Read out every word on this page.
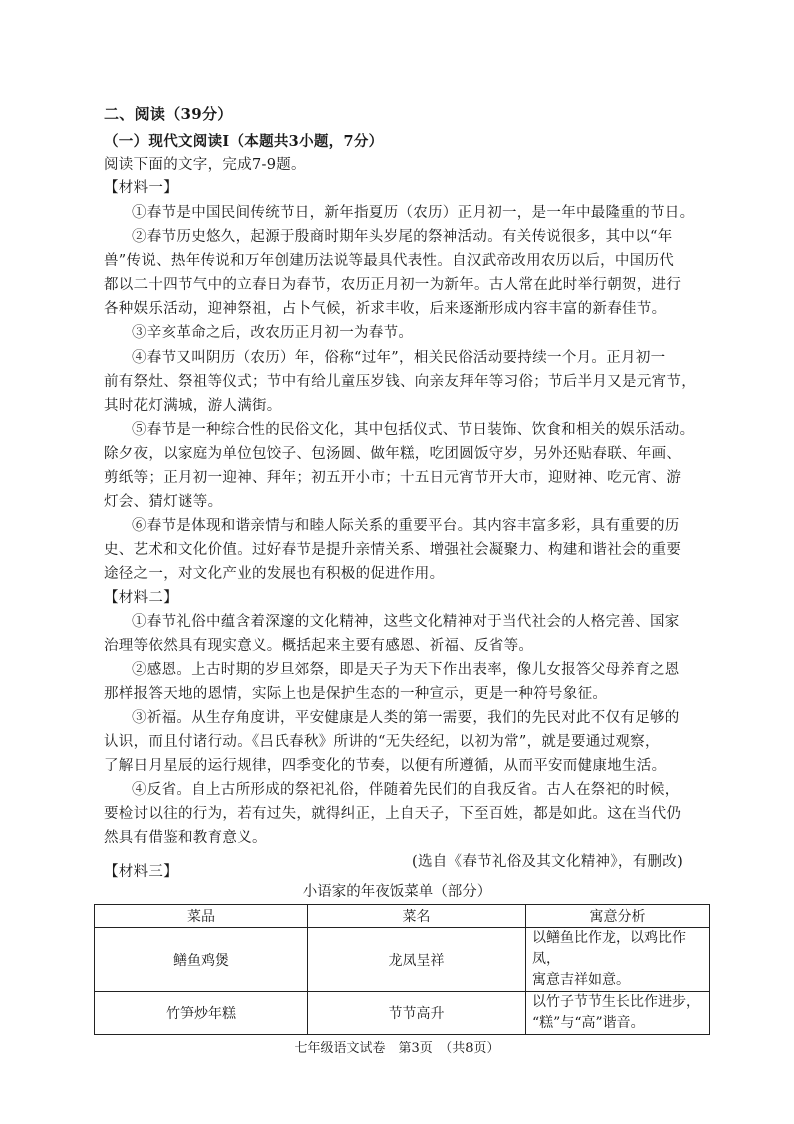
二、阅读（39分）
（一）现代文阅读Ⅰ（本题共3小题，7分）
阅读下面的文字，完成7-9题。
【材料一】
①春节是中国民间传统节日，新年指夏历（农历）正月初一，是一年中最隆重的节日。
②春节历史悠久，起源于殷商时期年头岁尾的祭神活动。有关传说很多，其中以“年
兽”传说、热年传说和万年创建历法说等最具代表性。自汉武帝改用农历以后，中国历代
都以二十四节气中的立春日为春节，农历正月初一为新年。古人常在此时举行朝贺，进行
各种娱乐活动，迎神祭祖，占卜气候，祈求丰收，后来逐渐形成内容丰富的新春佳节。
③辛亥革命之后，改农历正月初一为春节。
④春节又叫阴历（农历）年，俗称“过年”，相关民俗活动要持续一个月。正月初一
前有祭灶、祭祖等仪式；节中有给儿童压岁钱、向亲友拜年等习俗；节后半月又是元宵节，
其时花灯满城，游人满街。
⑤春节是一种综合性的民俗文化，其中包括仪式、节日装饰、饮食和相关的娱乐活动。
除夕夜，以家庭为单位包饺子、包汤圆、做年糕，吃团圆饭守岁，另外还贴春联、年画、
剪纸等；正月初一迎神、拜年；初五开小市；十五日元宵节开大市，迎财神、吃元宵、游
灯会、猜灯谜等。
⑥春节是体现和谐亲情与和睦人际关系的重要平台。其内容丰富多彩，具有重要的历
史、艺术和文化价值。过好春节是提升亲情关系、增强社会凝聚力、构建和谐社会的重要
途径之一，对文化产业的发展也有积极的促进作用。
【材料二】
①春节礼俗中蕴含着深邃的文化精神，这些文化精神对于当代社会的人格完善、国家
治理等依然具有现实意义。概括起来主要有感恩、祈福、反省等。
②感恩。上古时期的岁旦郊祭，即是天子为天下作出表率，像儿女报答父母养育之恩
那样报答天地的恩情，实际上也是保护生态的一种宣示，更是一种符号象征。
③祈福。从生存角度讲，平安健康是人类的第一需要，我们的先民对此不仅有足够的
认识，而且付诸行动。《吕氏春秋》所讲的“无失经纪，以初为常”，就是要通过观察，
了解日月星辰的运行规律，四季变化的节奏，以便有所遵循，从而平安而健康地生活。
④反省。自上古所形成的祭祀礼俗，伴随着先民们的自我反省。古人在祭祀的时候，
要检讨以往的行为，若有过失，就得纠正，上自天子，下至百姓，都是如此。这在当代仍
然具有借鉴和教育意义。
(选自《春节礼俗及其文化精神》，有删改)
【材料三】
小语家的年夜饭菜单（部分）
菜品	菜名	寓意分析
鳝鱼鸡煲	龙凤呈祥	以鳝鱼比作龙，以鸡比作凤，
寓意吉祥如意。

竹笋炒年糕	节节高升	以竹子节节生长比作进步，
“糕”与“高”谐音。
七年级语文试卷　第3页　（共8页）
